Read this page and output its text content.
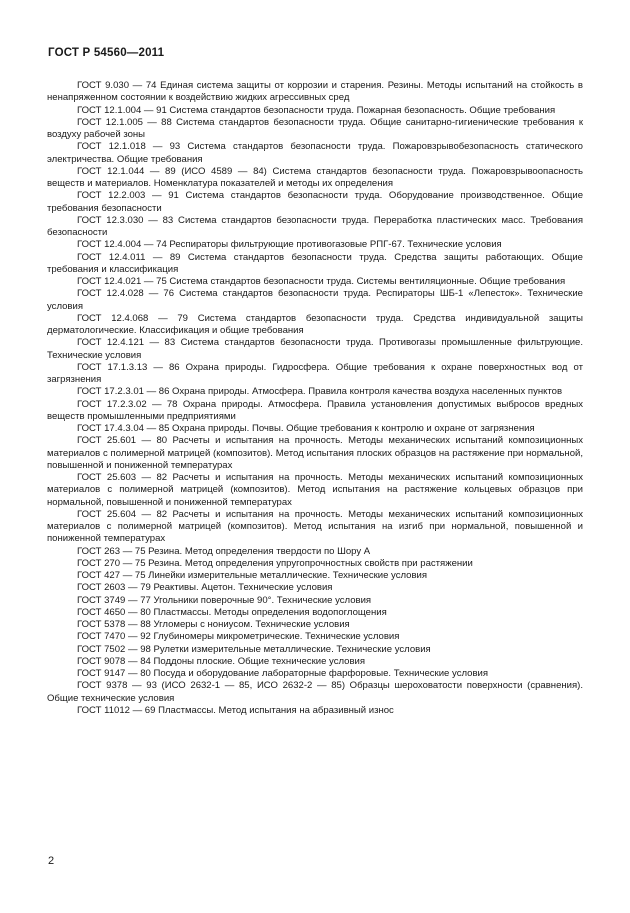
ГОСТ Р 54560—2011

ГОСТ 9.030 — 74 Единая система защиты от коррозии и старения. Резины. Методы испытаний на стойкость в ненапряженном состоянии к воздействию жидких агрессивных сред

ГОСТ 12.1.004 — 91 Система стандартов безопасности труда. Пожарная безопасность. Общие требования

ГОСТ 12.1.005 — 88 Система стандартов безопасности труда. Общие санитарно-гигиенические требования к воздуху рабочей зоны

ГОСТ 12.1.018 — 93 Система стандартов безопасности труда. Пожаровзрывобезопасность статического электричества. Общие требования

ГОСТ 12.1.044 — 89 (ИСО 4589 — 84) Система стандартов безопасности труда. Пожаровзрывоопасность веществ и материалов. Номенклатура показателей и методы их определения

ГОСТ 12.2.003 — 91 Система стандартов безопасности труда. Оборудование производственное. Общие требования безопасности

ГОСТ 12.3.030 — 83 Система стандартов безопасности труда. Переработка пластических масс. Требования безопасности

ГОСТ 12.4.004 — 74 Респираторы фильтрующие противогазовые РПГ-67. Технические условия

ГОСТ 12.4.011 — 89 Система стандартов безопасности труда. Средства защиты работающих. Общие требования и классификация

ГОСТ 12.4.021 — 75 Система стандартов безопасности труда. Системы вентиляционные. Общие требования

ГОСТ 12.4.028 — 76 Система стандартов безопасности труда. Респираторы ШБ-1 «Лепесток». Технические условия

ГОСТ 12.4.068 — 79 Система стандартов безопасности труда. Средства индивидуальной защиты дерматологические. Классификация и общие требования

ГОСТ 12.4.121 — 83 Система стандартов безопасности труда. Противогазы промышленные фильтрующие. Технические условия

ГОСТ 17.1.3.13 — 86 Охрана природы. Гидросфера. Общие требования к охране поверхностных вод от загрязнения

ГОСТ 17.2.3.01 — 86 Охрана природы. Атмосфера. Правила контроля качества воздуха населенных пунктов

ГОСТ 17.2.3.02 — 78 Охрана природы. Атмосфера. Правила установления допустимых выбросов вредных веществ промышленными предприятиями

ГОСТ 17.4.3.04 — 85 Охрана природы. Почвы. Общие требования к контролю и охране от загрязнения

ГОСТ 25.601 — 80 Расчеты и испытания на прочность. Методы механических испытаний композиционных материалов с полимерной матрицей (композитов). Метод испытания плоских образцов на растяжение при нормальной, повышенной и пониженной температурах

ГОСТ 25.603 — 82 Расчеты и испытания на прочность. Методы механических испытаний композиционных материалов с полимерной матрицей (композитов). Метод испытания на растяжение кольцевых образцов при нормальной, повышенной и пониженной температурах

ГОСТ 25.604 — 82 Расчеты и испытания на прочность. Методы механических испытаний композиционных материалов с полимерной матрицей (композитов). Метод испытания на изгиб при нормальной, повышенной и пониженной температурах

ГОСТ 263 — 75 Резина. Метод определения твердости по Шору А

ГОСТ 270 — 75 Резина. Метод определения упругопрочностных свойств при растяжении

ГОСТ 427 — 75 Линейки измерительные металлические. Технические условия

ГОСТ 2603 — 79 Реактивы. Ацетон. Технические условия

ГОСТ 3749 — 77 Угольники поверочные 90°. Технические условия

ГОСТ 4650 — 80 Пластмассы. Методы определения водопоглощения

ГОСТ 5378 — 88 Угломеры с нониусом. Технические условия

ГОСТ 7470 — 92 Глубиномеры микрометрические. Технические условия

ГОСТ 7502 — 98 Рулетки измерительные металлические. Технические условия

ГОСТ 9078 — 84 Поддоны плоские. Общие технические условия

ГОСТ 9147 — 80 Посуда и оборудование лабораторные фарфоровые. Технические условия

ГОСТ 9378 — 93 (ИСО 2632-1 — 85, ИСО 2632-2 — 85) Образцы шероховатости поверхности (сравнения). Общие технические условия

ГОСТ 11012 — 69 Пластмассы. Метод испытания на абразивный износ

2
